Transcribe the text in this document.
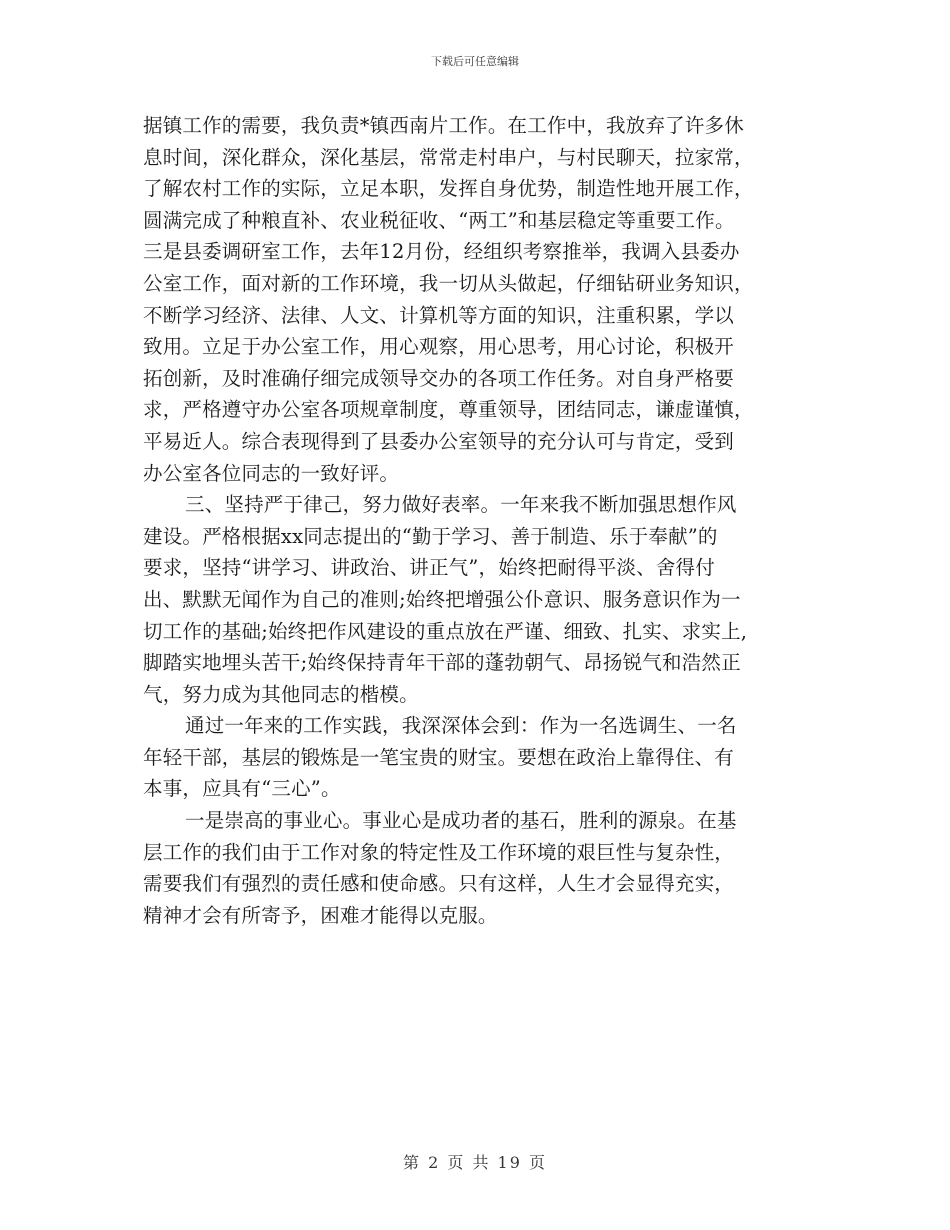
下载后可任意编辑
据镇工作的需要，我负责*镇西南片工作。在工作中，我放弃了许多休
息时间，深化群众，深化基层，常常走村串户，与村民聊天，拉家常，
了解农村工作的实际，立足本职，发挥自身优势，制造性地开展工作，
圆满完成了种粮直补、农业税征收、“两工”和基层稳定等重要工作。
三是县委调研室工作，去年12月份，经组织考察推举，我调入县委办
公室工作，面对新的工作环境，我一切从头做起，仔细钻研业务知识，
不断学习经济、法律、人文、计算机等方面的知识，注重积累，学以
致用。立足于办公室工作，用心观察，用心思考，用心讨论，积极开
拓创新，及时准确仔细完成领导交办的各项工作任务。对自身严格要
求，严格遵守办公室各项规章制度，尊重领导，团结同志，谦虚谨慎，
平易近人。综合表现得到了县委办公室领导的充分认可与肯定，受到
办公室各位同志的一致好评。
三、坚持严于律己，努力做好表率。一年来我不断加强思想作风
建设。严格根据xx同志提出的“勤于学习、善于制造、乐于奉献”的
要求，坚持“讲学习、讲政治、讲正气”，始终把耐得平淡、舍得付
出、默默无闻作为自己的准则;始终把增强公仆意识、服务意识作为一
切工作的基础;始终把作风建设的重点放在严谨、细致、扎实、求实上,
脚踏实地埋头苦干;始终保持青年干部的蓬勃朝气、昂扬锐气和浩然正
气，努力成为其他同志的楷模。
通过一年来的工作实践，我深深体会到：作为一名选调生、一名
年轻干部，基层的锻炼是一笔宝贵的财宝。要想在政治上靠得住、有
本事，应具有“三心”。
一是崇高的事业心。事业心是成功者的基石，胜利的源泉。在基
层工作的我们由于工作对象的特定性及工作环境的艰巨性与复杂性，
需要我们有强烈的责任感和使命感。只有这样，人生才会显得充实，
精神才会有所寄予，困难才能得以克服。
第 2 页 共 19 页
